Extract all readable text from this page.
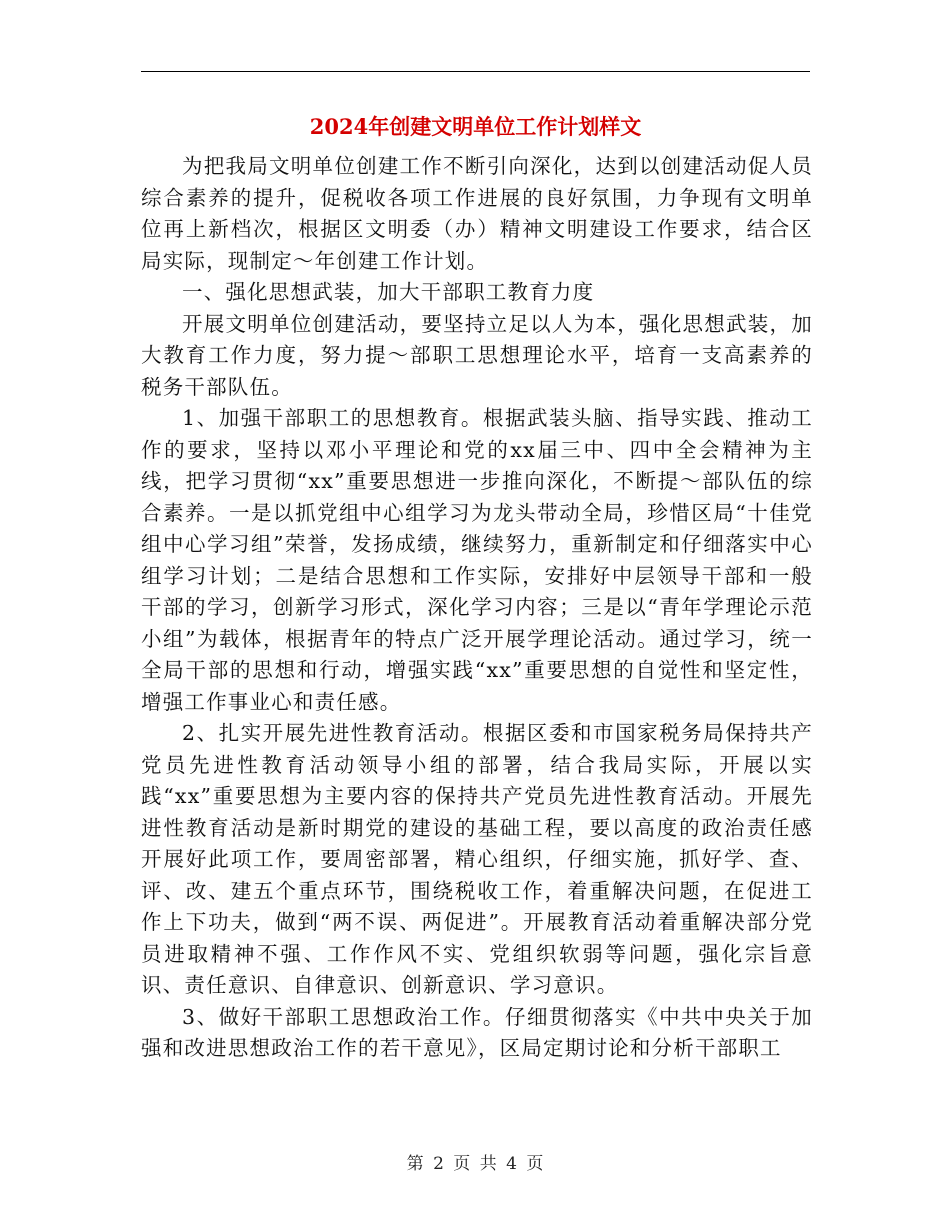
2024年创建文明单位工作计划样文

为把我局文明单位创建工作不断引向深化，达到以创建活动促人员综合素养的提升，促税收各项工作进展的良好氛围，力争现有文明单位再上新档次，根据区文明委（办）精神文明建设工作要求，结合区局实际，现制定～年创建工作计划。

一、强化思想武装，加大干部职工教育力度

开展文明单位创建活动，要坚持立足以人为本，强化思想武装，加大教育工作力度，努力提～部职工思想理论水平，培育一支高素养的税务干部队伍。

1、加强干部职工的思想教育。根据武装头脑、指导实践、推动工作的要求，坚持以邓小平理论和党的xx届三中、四中全会精神为主线，把学习贯彻“xx”重要思想进一步推向深化，不断提～部队伍的综合素养。一是以抓党组中心组学习为龙头带动全局，珍惜区局“十佳党组中心学习组”荣誉，发扬成绩，继续努力，重新制定和仔细落实中心组学习计划；二是结合思想和工作实际，安排好中层领导干部和一般干部的学习，创新学习形式，深化学习内容；三是以“青年学理论示范小组”为载体，根据青年的特点广泛开展学理论活动。通过学习，统一全局干部的思想和行动，增强实践“xx”重要思想的自觉性和坚定性，增强工作事业心和责任感。

2、扎实开展先进性教育活动。根据区委和市国家税务局保持共产党员先进性教育活动领导小组的部署，结合我局实际，开展以实践“xx”重要思想为主要内容的保持共产党员先进性教育活动。开展先进性教育活动是新时期党的建设的基础工程，要以高度的政治责任感开展好此项工作，要周密部署，精心组织，仔细实施，抓好学、查、评、改、建五个重点环节，围绕税收工作，着重解决问题，在促进工作上下功夫，做到“两不误、两促进”。开展教育活动着重解决部分党员进取精神不强、工作作风不实、党组织软弱等问题，强化宗旨意识、责任意识、自律意识、创新意识、学习意识。

3、做好干部职工思想政治工作。仔细贯彻落实《中共中央关于加强和改进思想政治工作的若干意见》，区局定期讨论和分析干部职工

第 2 页 共 4 页
